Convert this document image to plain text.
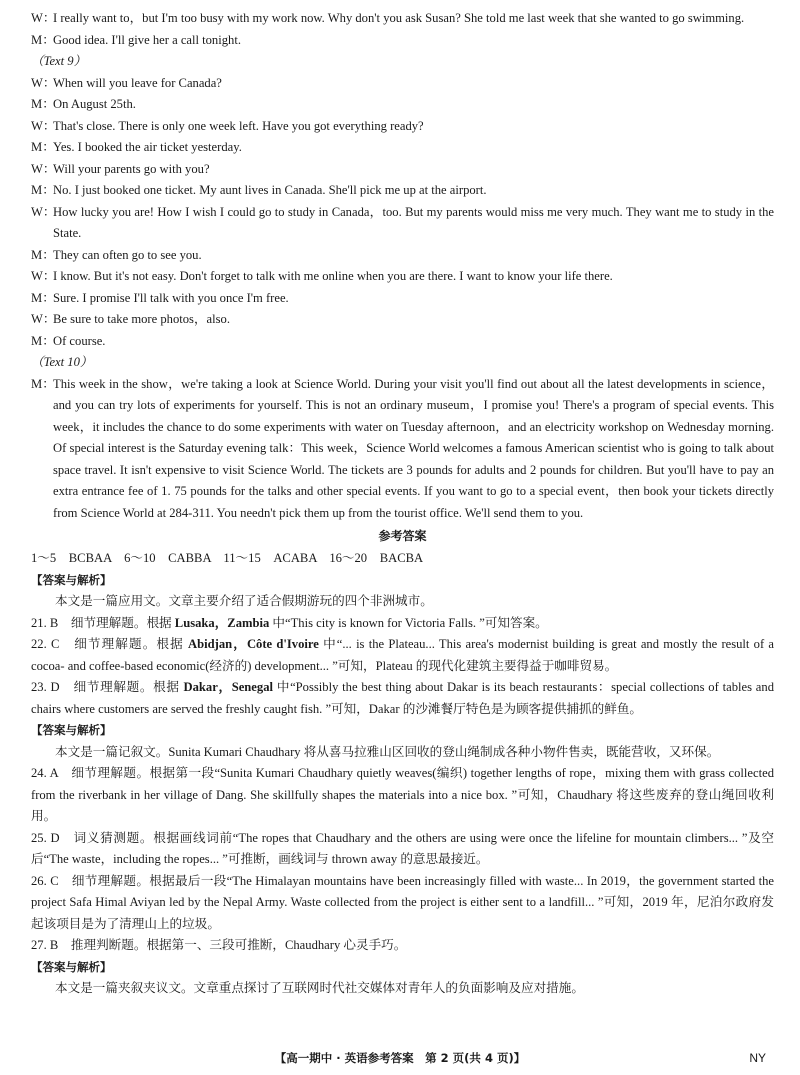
W：
I really want to，but I'm too busy with my work now. Why don't you ask Susan? She told me last week that she wanted to go swimming.
M：
Good idea. I'll give her a call tonight.
（Text 9）
W：
When will you leave for Canada?
M：
On August 25th.
W：
That's close. There is only one week left. Have you got everything ready?
M：
Yes. I booked the air ticket yesterday.
W：
Will your parents go with you?
M：
No. I just booked one ticket. My aunt lives in Canada. She'll pick me up at the airport.
W：
How lucky you are! How I wish I could go to study in Canada，too. But my parents would miss me very much. They want me to study in the State.
M：
They can often go to see you.
W：
I know. But it's not easy. Don't forget to talk with me online when you are there. I want to know your life there.
M：
Sure. I promise I'll talk with you once I'm free.
W：
Be sure to take more photos，also.
M：
Of course.
（Text 10）
M：
This week in the show，we're taking a look at Science World. During your visit you'll find out about all the latest developments in science，and you can try lots of experiments for yourself. This is not an ordinary museum，I promise you! There's a program of special events. This week，it includes the chance to do some experiments with water on Tuesday afternoon，and an electricity workshop on Wednesday morning. Of special interest is the Saturday evening talk：This week，Science World welcomes a famous American scientist who is going to talk about space travel. It isn't expensive to visit Science World. The tickets are 3 pounds for adults and 2 pounds for children. But you'll have to pay an extra entrance fee of 1. 75 pounds for the talks and other special events. If you want to go to a special event，then book your tickets directly from Science World at 284-311. You needn't pick them up from the tourist office. We'll send them to you.
参考答案
1～5　BCBAA　6～10　CABBA　11～15　ACABA　16～20　BACBA
【答案与解析】
本文是一篇应用文。文章主要介绍了适合假期游玩的四个非洲城市。
21. B　细节理解题。根据 Lusaka，Zambia 中“This city is known for Victoria Falls. ”可知答案。
22. C　细节理解题。根据 Abidjan，Côte d'Ivoire 中“... is the Plateau... This area's modernist building is great and mostly the result of a cocoa- and coffee-based economic(经济的) development... ”可知，Plateau 的现代化建筑主要得益于咖啡贸易。
23. D　细节理解题。根据 Dakar，Senegal 中“Possibly the best thing about Dakar is its beach restaurants：special collections of tables and chairs where customers are served the freshly caught fish. ”可知，Dakar 的沙滩餐厅特色是为顾客提供捕抓的鲜鱼。
【答案与解析】
本文是一篇记叙文。Sunita Kumari Chaudhary 将从喜马拉雅山区回收的登山绳制成各种小物件售卖，既能营收，又环保。
24. A　细节理解题。根据第一段“Sunita Kumari Chaudhary quietly weaves(编织) together lengths of rope，mixing them with grass collected from the riverbank in her village of Dang. She skillfully shapes the materials into a nice box. ”可知，Chaudhary 将这些废弃的登山绳回收利用。
25. D　词义猜测题。根据画线词前“The ropes that Chaudhary and the others are using were once the lifeline for mountain climbers... ”及空后“The waste，including the ropes... ”可推断，画线词与 thrown away 的意思最接近。
26. C　细节理解题。根据最后一段“The Himalayan mountains have been increasingly filled with waste... In 2019，the government started the project Safa Himal Aviyan led by the Nepal Army. Waste collected from the project is either sent to a landfill... ”可知，2019 年，尼泊尔政府发起该项目是为了清理山上的垃圾。
27. B　推理判断题。根据第一、三段可推断，Chaudhary 心灵手巧。
【答案与解析】
本文是一篇夹叙夹议文。文章重点探讨了互联网时代社交媒体对青年人的负面影响及应对措施。
【高一期中 · 英语参考答案　第 2 页(共 4 页)】	NY
